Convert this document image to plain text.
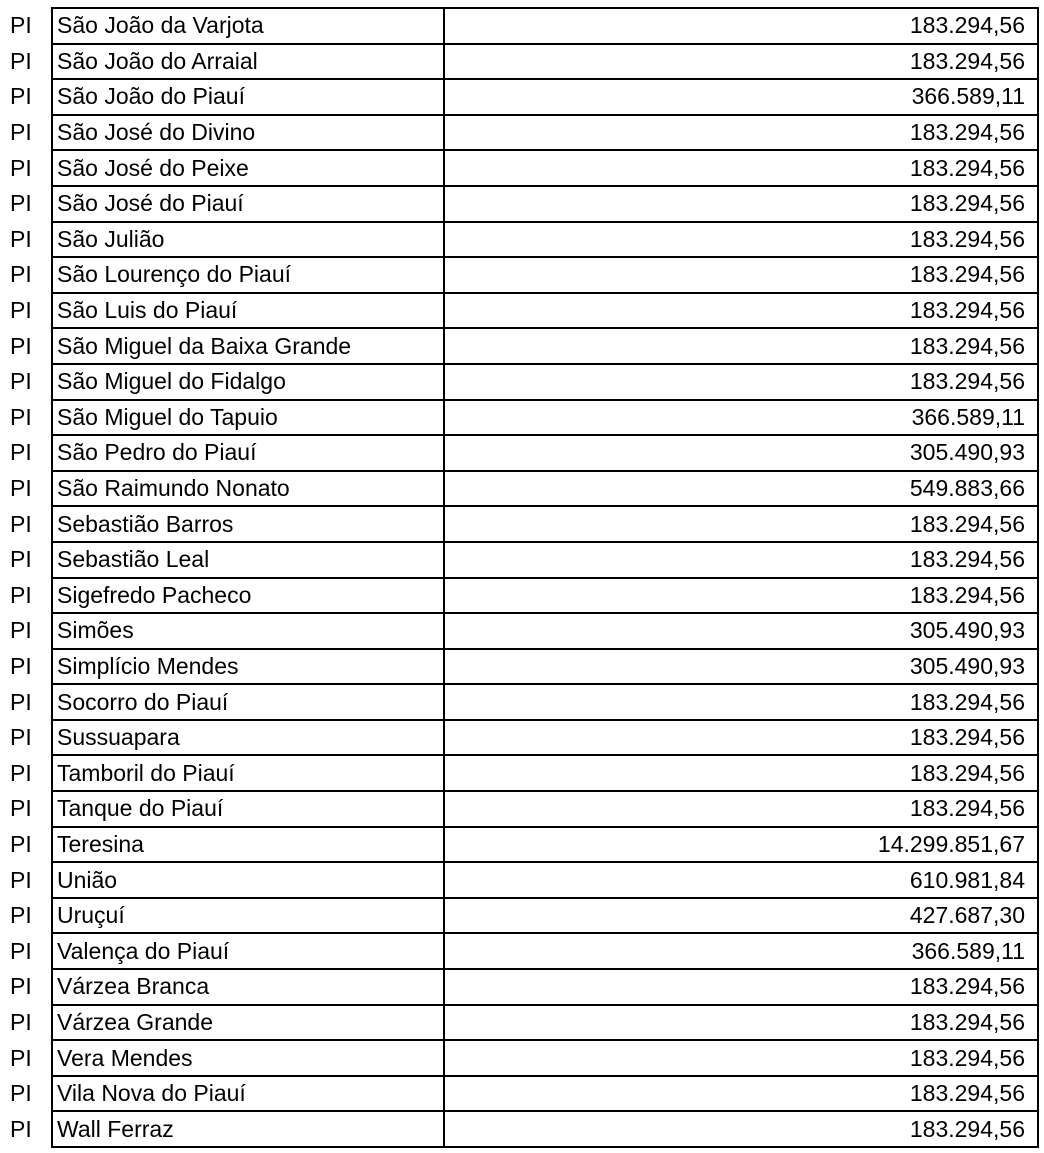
PI	São João da Varjota	183.294,56
PI	São João do Arraial	183.294,56
PI	São João do Piauí	366.589,11
PI	São José do Divino	183.294,56
PI	São José do Peixe	183.294,56
PI	São José do Piauí	183.294,56
PI	São Julião	183.294,56
PI	São Lourenço do Piauí	183.294,56
PI	São Luis do Piauí	183.294,56
PI	São Miguel da Baixa Grande	183.294,56
PI	São Miguel do Fidalgo	183.294,56
PI	São Miguel do Tapuio	366.589,11
PI	São Pedro do Piauí	305.490,93
PI	São Raimundo Nonato	549.883,66
PI	Sebastião Barros	183.294,56
PI	Sebastião Leal	183.294,56
PI	Sigefredo Pacheco	183.294,56
PI	Simões	305.490,93
PI	Simplício Mendes	305.490,93
PI	Socorro do Piauí	183.294,56
PI	Sussuapara	183.294,56
PI	Tamboril do Piauí	183.294,56
PI	Tanque do Piauí	183.294,56
PI	Teresina	14.299.851,67
PI	União	610.981,84
PI	Uruçuí	427.687,30
PI	Valença do Piauí	366.589,11
PI	Várzea Branca	183.294,56
PI	Várzea Grande	183.294,56
PI	Vera Mendes	183.294,56
PI	Vila Nova do Piauí	183.294,56
PI	Wall Ferraz	183.294,56
